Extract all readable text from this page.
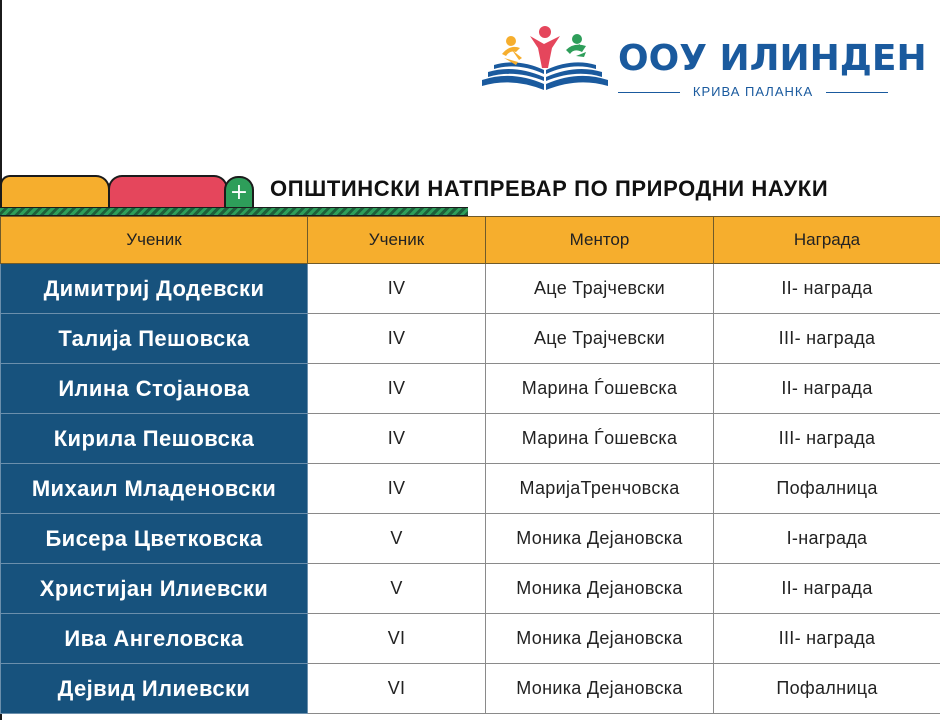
ООУ ИЛИНДЕН
КРИВА ПАЛАНКА
+ ОПШТИНСКИ НАТПРЕВАР ПО ПРИРОДНИ НАУКИ
Ученик	Ученик	Ментор	Награда
Димитриј Додевски	IV	Аце Трајчевски	II- награда
Талија Пешовска	IV	Аце Трајчевски	III- награда
Илина Стојанова	IV	Марина Ѓошевска	II- награда
Кирила Пешовска	IV	Марина Ѓошевска	III- награда
Михаил Младеновски	IV	МаријаТренчовска	Пофалница
Бисера Цветковска	V	Моника Дејановска	I-награда
Христијан Илиевски	V	Моника Дејановска	II- награда
Ива Ангеловска	VI	Моника Дејановска	III- награда
Дејвид Илиевски	VI	Моника Дејановска	Пофалница
